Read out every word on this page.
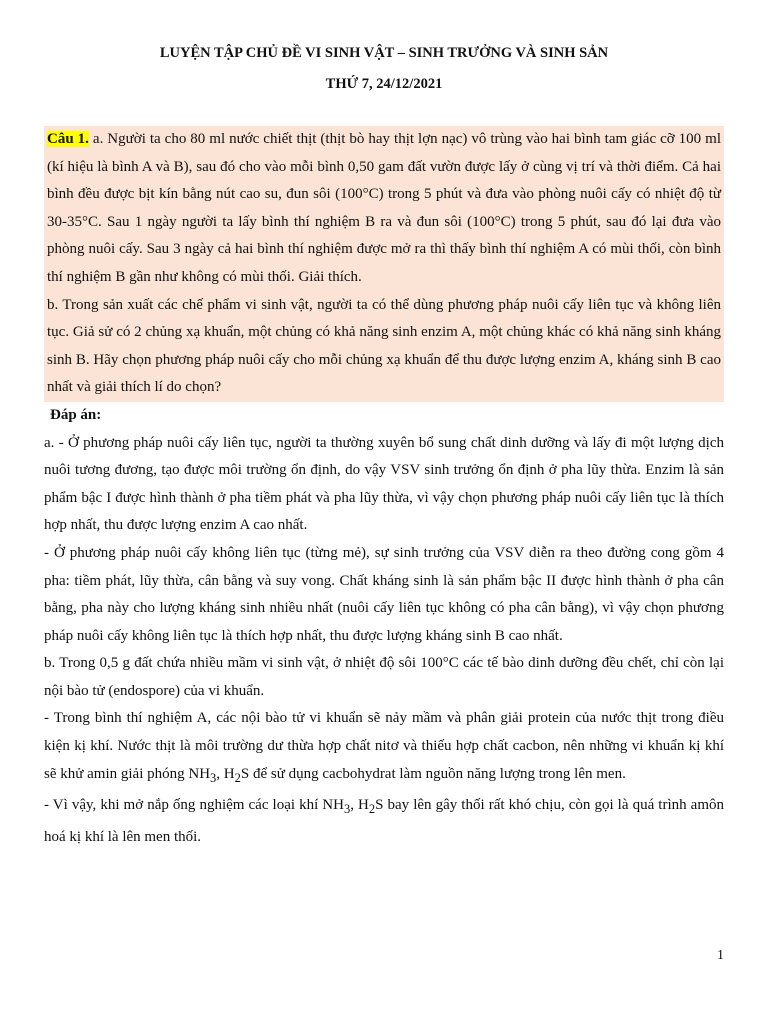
LUYỆN TẬP CHỦ ĐỀ VI SINH VẬT – SINH TRƯỞNG VÀ SINH SẢN
THỨ 7, 24/12/2021

Câu 1. a. Người ta cho 80 ml nước chiết thịt (thịt bò hay thịt lợn nạc) vô trùng vào hai bình tam giác cỡ 100 ml (kí hiệu là bình A và B), sau đó cho vào mỗi bình 0,50 gam đất vườn được lấy ở cùng vị trí và thời điểm. Cả hai bình đều được bịt kín bằng nút cao su, đun sôi (100°C) trong 5 phút và đưa vào phòng nuôi cấy có nhiệt độ từ 30-35°C. Sau 1 ngày người ta lấy bình thí nghiệm B ra và đun sôi (100°C) trong 5 phút, sau đó lại đưa vào phòng nuôi cấy. Sau 3 ngày cả hai bình thí nghiệm được mở ra thì thấy bình thí nghiệm A có mùi thối, còn bình thí nghiệm B gần như không có mùi thối. Giải thích.

b. Trong sản xuất các chế phẩm vi sinh vật, người ta có thể dùng phương pháp nuôi cấy liên tục và không liên tục. Giả sử có 2 chủng xạ khuẩn, một chủng có khả năng sinh enzim A, một chủng khác có khả năng sinh kháng sinh B. Hãy chọn phương pháp nuôi cấy cho mỗi chủng xạ khuẩn để thu được lượng enzim A, kháng sinh B cao nhất và giải thích lí do chọn?

Đáp án:

a. - Ở phương pháp nuôi cấy liên tục, người ta thường xuyên bổ sung chất dinh dưỡng và lấy đi một lượng dịch nuôi tương đương, tạo được môi trường ổn định, do vậy VSV sinh trưởng ổn định ở pha lũy thừa. Enzim là sản phẩm bậc I được hình thành ở pha tiềm phát và pha lũy thừa, vì vậy chọn phương pháp nuôi cấy liên tục là thích hợp nhất, thu được lượng enzim A cao nhất.

- Ở phương pháp nuôi cấy không liên tục (từng mẻ), sự sinh trưởng của VSV diễn ra theo đường cong gồm 4 pha: tiềm phát, lũy thừa, cân bằng và suy vong. Chất kháng sinh là sản phẩm bậc II được hình thành ở pha cân bằng, pha này cho lượng kháng sinh nhiều nhất (nuôi cấy liên tục không có pha cân bằng), vì vậy chọn phương pháp nuôi cấy không liên tục là thích hợp nhất, thu được lượng kháng sinh B cao nhất.

b. Trong 0,5 g đất chứa nhiều mầm vi sinh vật, ở nhiệt độ sôi 100°C các tế bào dinh dưỡng đều chết, chỉ còn lại nội bào tử (endospore) của vi khuẩn.

- Trong bình thí nghiệm A, các nội bào tử vi khuẩn sẽ nảy mầm và phân giải protein của nước thịt trong điều kiện kị khí. Nước thịt là môi trường dư thừa hợp chất nitơ và thiếu hợp chất cacbon, nên những vi khuẩn kị khí sẽ khử amin giải phóng $NH_3$, $H_2S$ để sử dụng cacbohydrat làm nguồn năng lượng trong lên men.

- Vì vậy, khi mở nắp ống nghiệm các loại khí $NH_3$, $H_2S$ bay lên gây thối rất khó chịu, còn gọi là quá trình amôn hoá kị khí là lên men thối.

1
